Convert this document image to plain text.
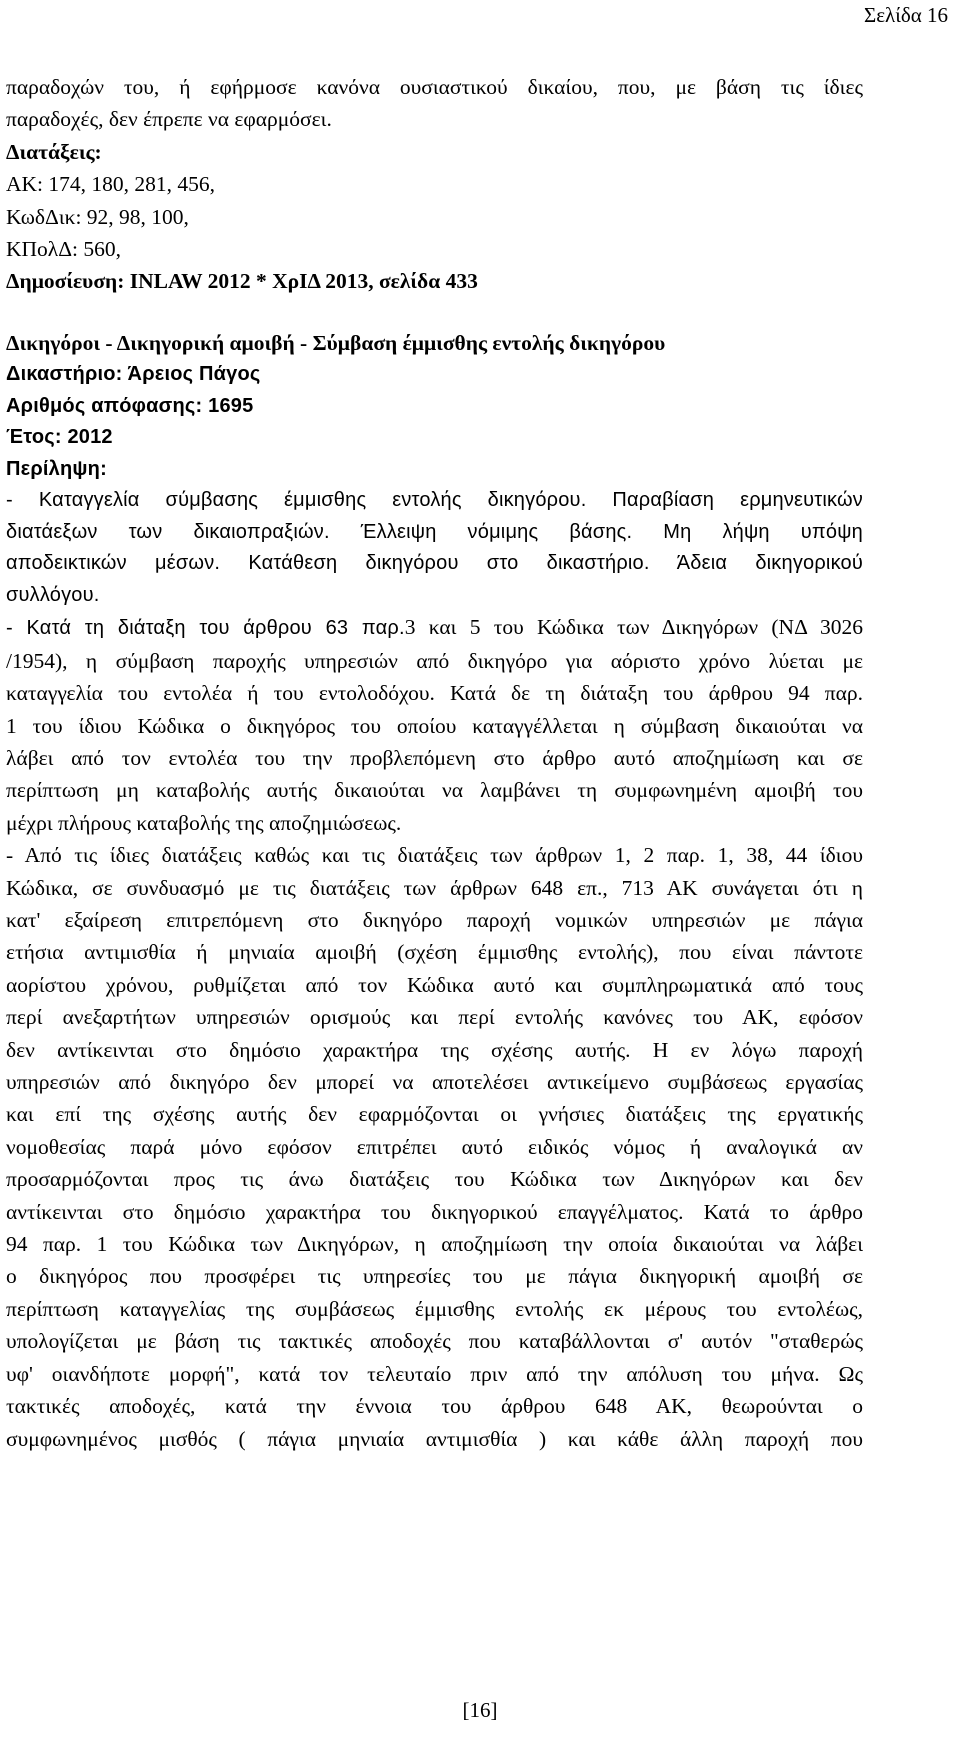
Σελίδα 16
παραδοχών του, ή εφήρμοσε κανόνα ουσιαστικού δικαίου, που, με βάση τις ίδιες
παραδοχές, δεν έπρεπε να εφαρμόσει.
Διατάξεις:
ΑΚ: 174, 180, 281, 456,
ΚωδΔικ: 92, 98, 100,
ΚΠολΔ: 560,
Δημοσίευση: INLAW 2012 * ΧρΙΔ 2013, σελίδα 433
Δικηγόροι - Δικηγορική αμοιβή - Σύμβαση έμμισθης εντολής δικηγόρου
Δικαστήριο: Άρειος Πάγος
Αριθμός απόφασης: 1695
Έτος: 2012
Περίληψη:
- Καταγγελία σύμβασης έμμισθης εντολής δικηγόρου. Παραβίαση ερμηνευτικών
διατάεξων των δικαιοπραξιών. Έλλειψη νόμιμης βάσης. Μη λήψη υπόψη
αποδεικτικών μέσων. Κατάθεση δικηγόρου στο δικαστήριο. Άδεια δικηγορικού
συλλόγου.
- Κατά τη διάταξη του άρθρου 63 παρ.3 και 5 του Κώδικα των Δικηγόρων (ΝΔ 3026
/1954), η σύμβαση παροχής υπηρεσιών από δικηγόρο για αόριστο χρόνο λύεται με
καταγγελία του εντολέα ή του εντολοδόχου. Κατά δε τη διάταξη του άρθρου 94 παρ.
1 του ίδιου Κώδικα ο δικηγόρος του οποίου καταγγέλλεται η σύμβαση δικαιούται να
λάβει από τον εντολέα του την προβλεπόμενη στο άρθρο αυτό αποζημίωση και σε
περίπτωση μη καταβολής αυτής δικαιούται να λαμβάνει τη συμφωνημένη αμοιβή του
μέχρι πλήρους καταβολής της αποζημιώσεως.
- Από τις ίδιες διατάξεις καθώς και τις διατάξεις των άρθρων 1, 2 παρ. 1, 38, 44 ίδιου
Κώδικα, σε συνδυασμό με τις διατάξεις των άρθρων 648 επ., 713 ΑΚ συνάγεται ότι η
κατ' εξαίρεση επιτρεπόμενη στο δικηγόρο παροχή νομικών υπηρεσιών με πάγια
ετήσια αντιμισθία ή μηνιαία αμοιβή (σχέση έμμισθης εντολής), που είναι πάντοτε
αορίστου χρόνου, ρυθμίζεται από τον Κώδικα αυτό και συμπληρωματικά από τους
περί ανεξαρτήτων υπηρεσιών ορισμούς και περί εντολής κανόνες του ΑΚ, εφόσον
δεν αντίκεινται στο δημόσιο χαρακτήρα της σχέσης αυτής. Η εν λόγω παροχή
υπηρεσιών από δικηγόρο δεν μπορεί να αποτελέσει αντικείμενο συμβάσεως εργασίας
και επί της σχέσης αυτής δεν εφαρμόζονται οι γνήσιες διατάξεις της εργατικής
νομοθεσίας παρά μόνο εφόσον επιτρέπει αυτό ειδικός νόμος ή αναλογικά αν
προσαρμόζονται προς τις άνω διατάξεις του Κώδικα των Δικηγόρων και δεν
αντίκεινται στο δημόσιο χαρακτήρα του δικηγορικού επαγγέλματος. Κατά το άρθρο
94 παρ. 1 του Κώδικα των Δικηγόρων, η αποζημίωση την οποία δικαιούται να λάβει
ο δικηγόρος που προσφέρει τις υπηρεσίες του με πάγια δικηγορική αμοιβή σε
περίπτωση καταγγελίας της συμβάσεως έμμισθης εντολής εκ μέρους του εντολέως,
υπολογίζεται με βάση τις τακτικές αποδοχές που καταβάλλονται σ' αυτόν "σταθερώς
υφ' οιανδήποτε μορφή", κατά τον τελευταίο πριν από την απόλυση του μήνα. Ως
τακτικές αποδοχές, κατά την έννοια του άρθρου 648 ΑΚ, θεωρούνται ο
συμφωνημένος μισθός ( πάγια μηνιαία αντιμισθία ) και κάθε άλλη παροχή που
[16]
